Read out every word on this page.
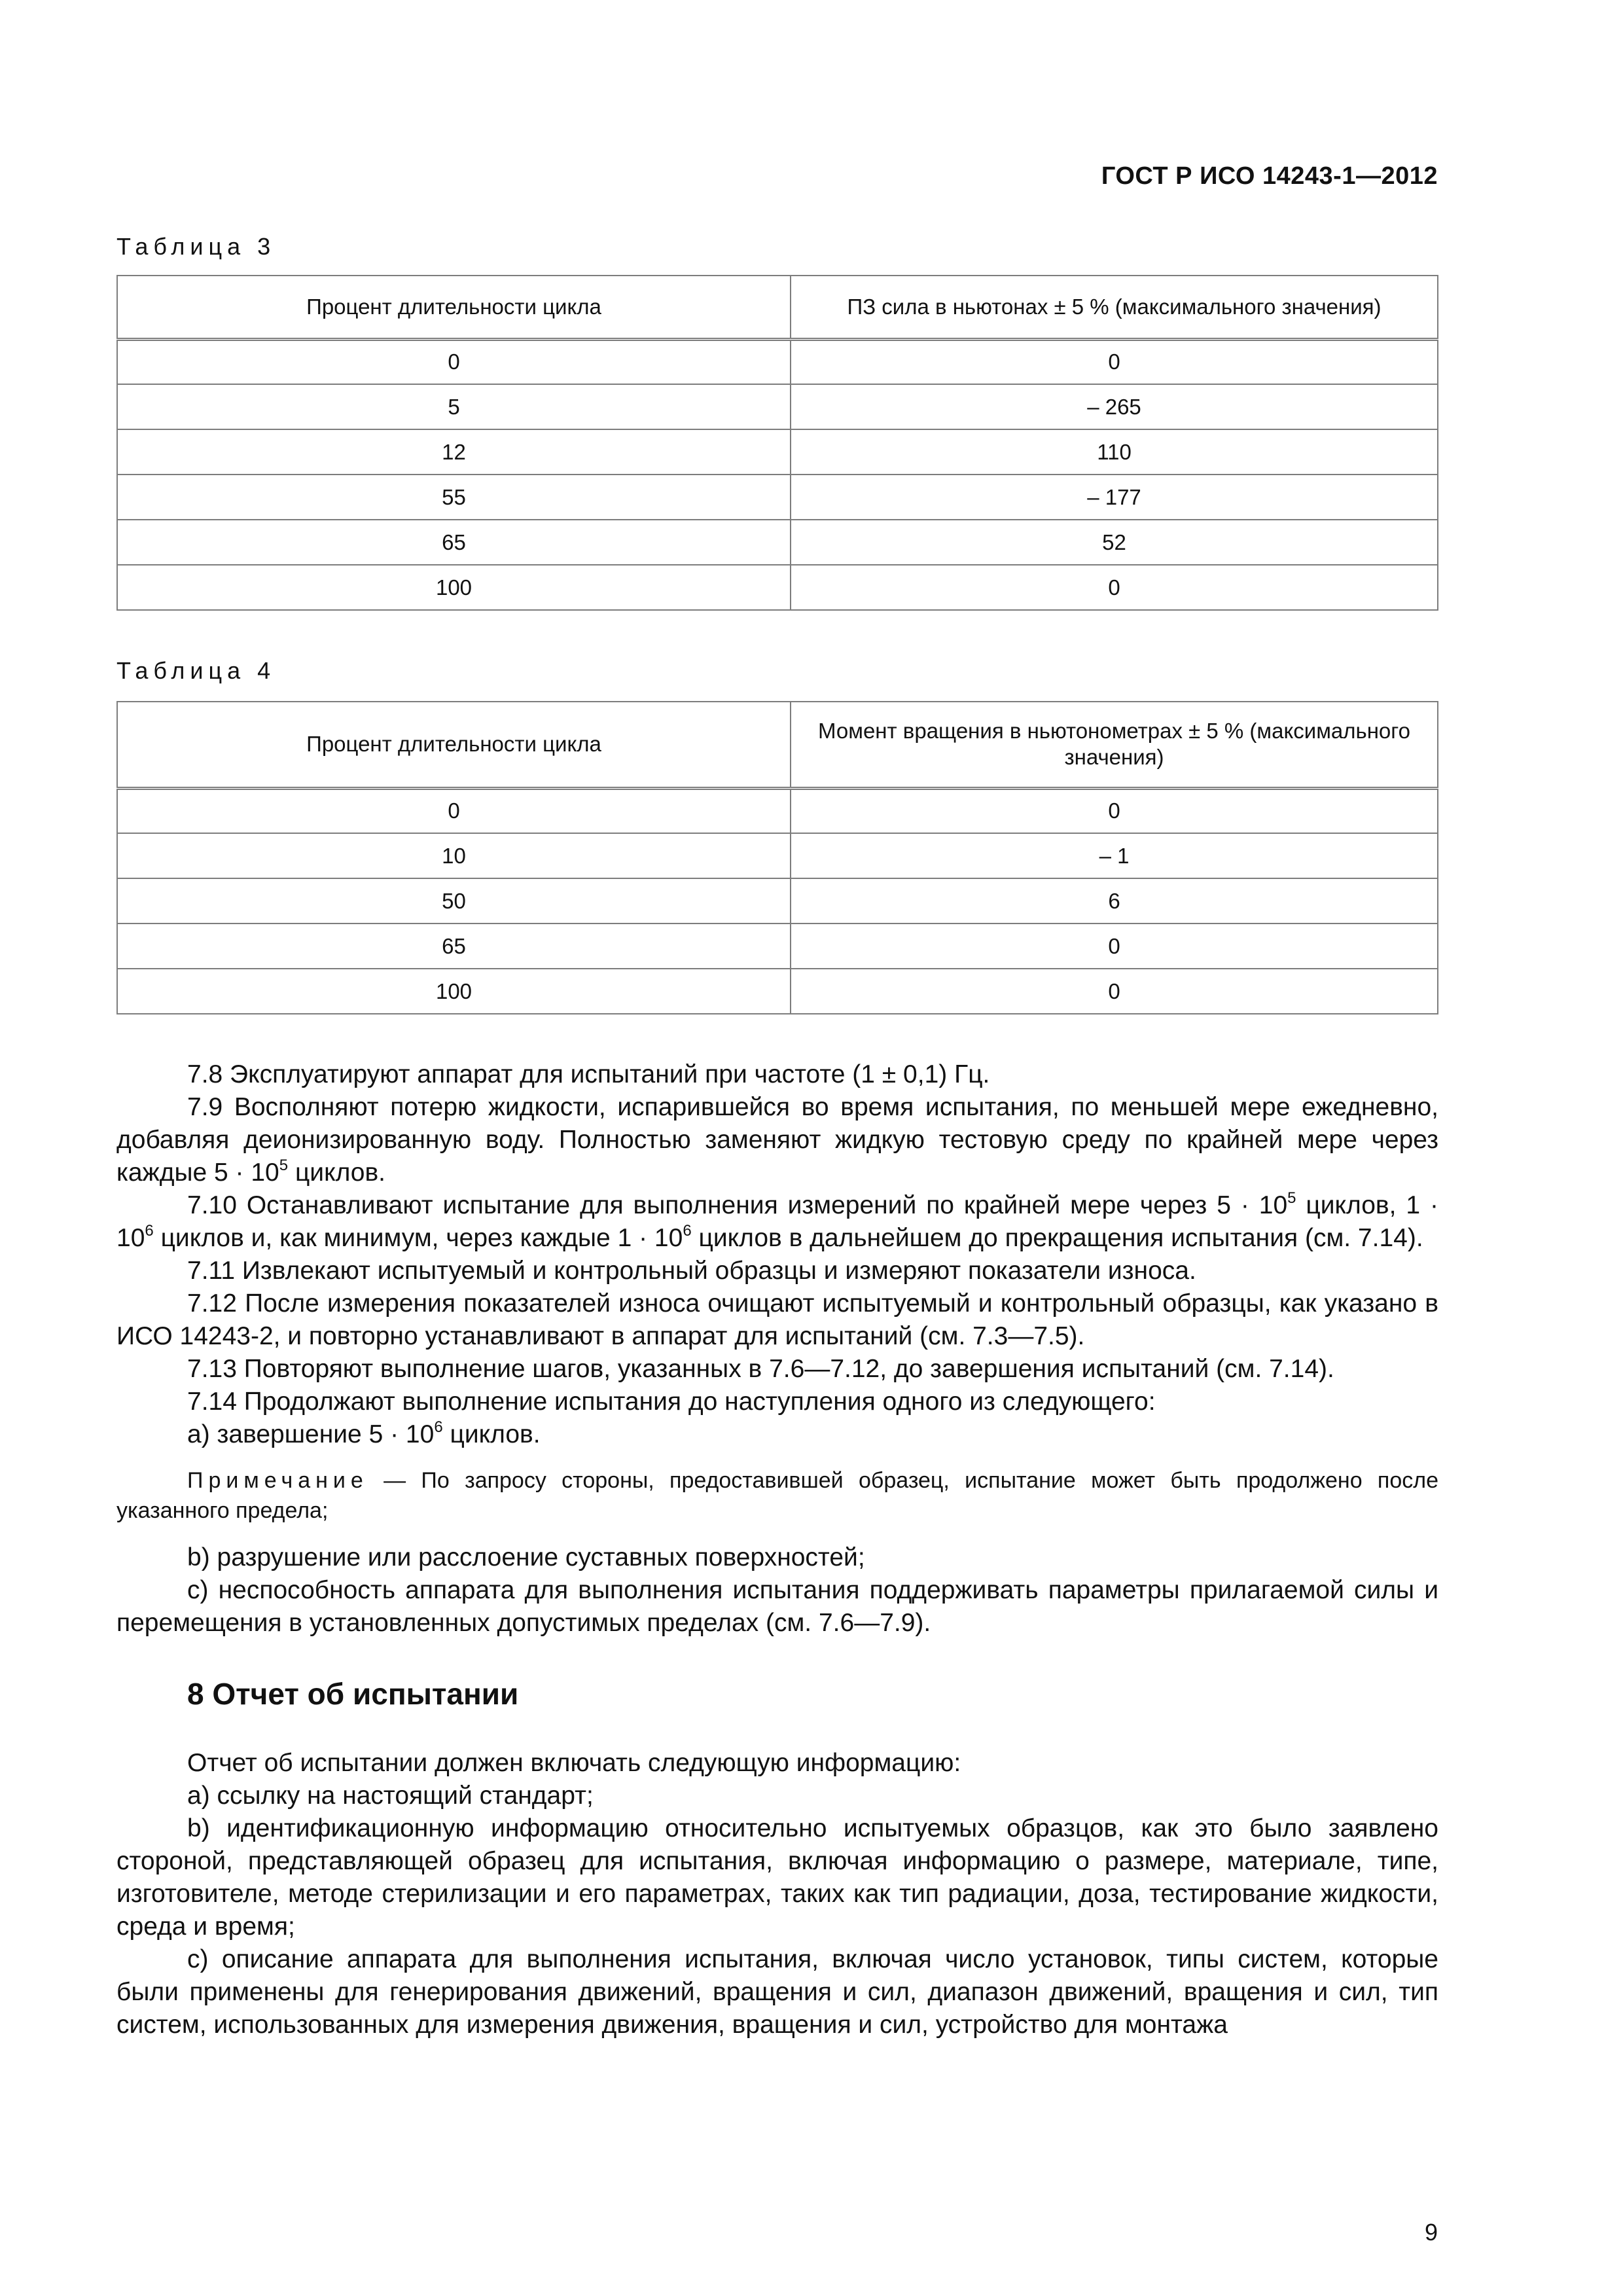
ГОСТ Р ИСО 14243-1—2012
Таблица 3
Процент длительности цикла	ПЗ сила в ньютонах ± 5 % (максимального значения)
0	0
5	– 265
12	110
55	– 177
65	52
100	0
Таблица 4
Процент длительности цикла	Момент вращения в ньютонометрах ± 5 % (максимального значения)

0	0
10	– 1
50	6
65	0
100	0

7.8 Эксплуатируют аппарат для испытаний при частоте (1 ± 0,1) Гц.

7.9 Восполняют потерю жидкости, испарившейся во время испытания, по меньшей мере ежедневно, добавляя деионизированную воду. Полностью заменяют жидкую тестовую среду по крайней мере через каждые $5 \cdot 10^5$ циклов.

7.10 Останавливают испытание для выполнения измерений по крайней мере через $5 \cdot 10^5$ циклов, $1 \cdot 10^6$ циклов и, как минимум, через каждые $1 \cdot 10^6$ циклов в дальнейшем до прекращения испытания (см. 7.14).

7.11 Извлекают испытуемый и контрольный образцы и измеряют показатели износа.

7.12 После измерения показателей износа очищают испытуемый и контрольный образцы, как указано в ИСО 14243-2, и повторно устанавливают в аппарат для испытаний (см. 7.3—7.5).

7.13 Повторяют выполнение шагов, указанных в 7.6—7.12, до завершения испытаний (см. 7.14).

7.14 Продолжают выполнение испытания до наступления одного из следующего:

а) завершение $5 \cdot 10^6$ циклов.

Примечание — По запросу стороны, предоставившей образец, испытание может быть продолжено после указанного предела;

b) разрушение или расслоение суставных поверхностей;

c) неспособность аппарата для выполнения испытания поддерживать параметры прилагаемой силы и перемещения в установленных допустимых пределах (см. 7.6—7.9).

8 Отчет об испытании

Отчет об испытании должен включать следующую информацию:

а) ссылку на настоящий стандарт;

b) идентификационную информацию относительно испытуемых образцов, как это было заявлено стороной, представляющей образец для испытания, включая информацию о размере, материале, типе, изготовителе, методе стерилизации и его параметрах, таких как тип радиации, доза, тестирование жидкости, среда и время;

c) описание аппарата для выполнения испытания, включая число установок, типы систем, которые были применены для генерирования движений, вращения и сил, диапазон движений, вращения и сил, тип систем, использованных для измерения движения, вращения и сил, устройство для монтажа

9
